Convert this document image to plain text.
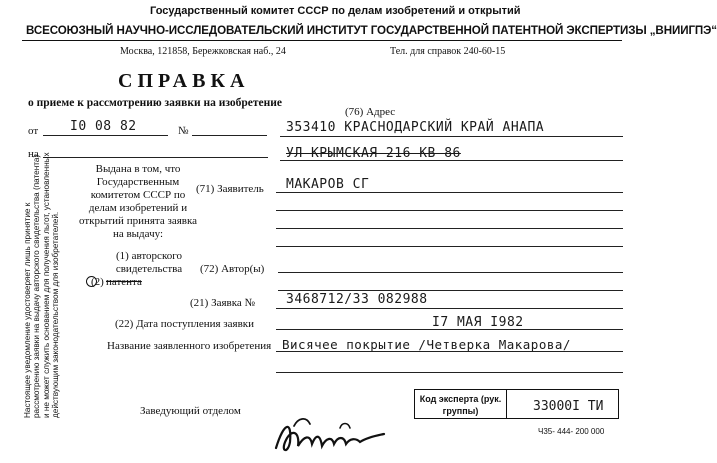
Государственный комитет СССР по делам изобретений и открытий
ВСЕСОЮЗНЫЙ НАУЧНО-ИССЛЕДОВАТЕЛЬСКИЙ ИНСТИТУТ ГОСУДАРСТВЕННОЙ ПАТЕНТНОЙ ЭКСПЕРТИЗЫ „ВНИИГПЭ“
Москва, 121858, Бережковская наб., 24	Тел. для справок 240-60-15
СПРАВКА
о приеме к рассмотрению заявки на изобретение
(76) Адрес
от I0 08 82	№	353410 КРАСНОДАРСКИЙ КРАЙ АНАПА
на	УЛ КРЫМСКАЯ 216 КВ 86
(71) Заявитель МАКАРОВ СГ
(72) Автор(ы)
(21) Заявка № 3468712/33 082988
(22) Дата поступления заявки	I7 МАЯ I982
Название заявленного изобретения Висячее покрытие /Четверка Макарова/
Выдана в том, что Государственным комитетом СССР по делам изобретений и открытий принята заявка на выдачу:
(1) авторского свидетельства
(2) патента
Настоящее уведомление удостоверяет лишь принятие к рассмотрению заявки на выдачу авторского свидетельства (патента) и не может служить основанием для получения льгот, установленных действующим законодательством для изобретателей.	Заведующий отделом
Код эксперта (рук. группы)	33000I ТИ
Ч35- 444- 200 000
